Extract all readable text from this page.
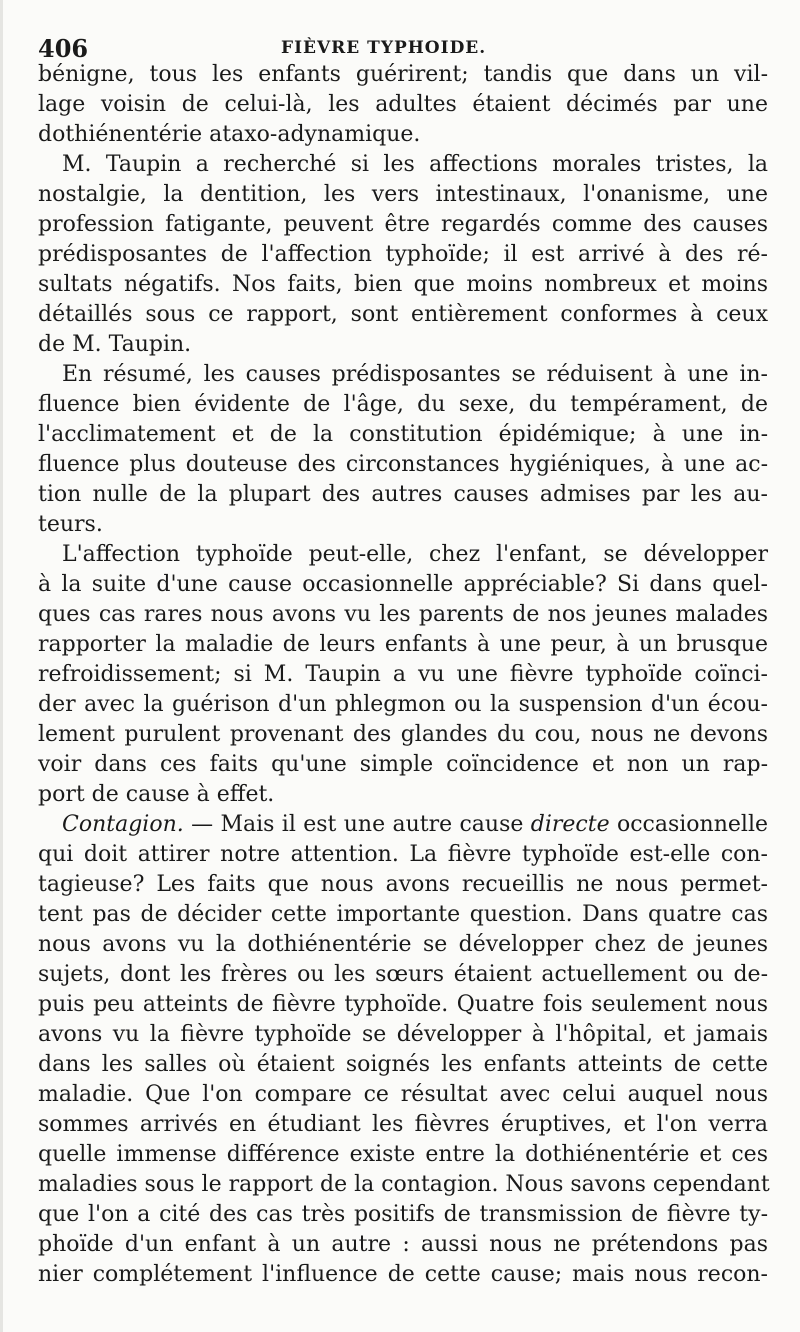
406	FIÈVRE TYPHOIDE.
bénigne, tous les enfants guérirent; tandis que dans un vil-
lage voisin de celui-là, les adultes étaient décimés par une
dothiénentérie ataxo-adynamique.
M. Taupin a recherché si les affections morales tristes, la
nostalgie, la dentition, les vers intestinaux, l'onanisme, une
profession fatigante, peuvent être regardés comme des causes
prédisposantes de l'affection typhoïde; il est arrivé à des ré-
sultats négatifs. Nos faits, bien que moins nombreux et moins
détaillés sous ce rapport, sont entièrement conformes à ceux
de M. Taupin.
En résumé, les causes prédisposantes se réduisent à une in-
fluence bien évidente de l'âge, du sexe, du tempérament, de
l'acclimatement et de la constitution épidémique; à une in-
fluence plus douteuse des circonstances hygiéniques, à une ac-
tion nulle de la plupart des autres causes admises par les au-
teurs.
L'affection typhoïde peut-elle, chez l'enfant, se développer
à la suite d'une cause occasionnelle appréciable? Si dans quel-
ques cas rares nous avons vu les parents de nos jeunes malades
rapporter la maladie de leurs enfants à une peur, à un brusque
refroidissement; si M. Taupin a vu une fièvre typhoïde coïnci-
der avec la guérison d'un phlegmon ou la suspension d'un écou-
lement purulent provenant des glandes du cou, nous ne devons
voir dans ces faits qu'une simple coïncidence et non un rap-
port de cause à effet.
Contagion. — Mais il est une autre cause directe occasionnelle
qui doit attirer notre attention. La fièvre typhoïde est-elle con-
tagieuse? Les faits que nous avons recueillis ne nous permet-
tent pas de décider cette importante question. Dans quatre cas
nous avons vu la dothiénentérie se développer chez de jeunes
sujets, dont les frères ou les sœurs étaient actuellement ou de-
puis peu atteints de fièvre typhoïde. Quatre fois seulement nous
avons vu la fièvre typhoïde se développer à l'hôpital, et jamais
dans les salles où étaient soignés les enfants atteints de cette
maladie. Que l'on compare ce résultat avec celui auquel nous
sommes arrivés en étudiant les fièvres éruptives, et l'on verra
quelle immense différence existe entre la dothiénentérie et ces
maladies sous le rapport de la contagion. Nous savons cependant
que l'on a cité des cas très positifs de transmission de fièvre ty-
phoïde d'un enfant à un autre : aussi nous ne prétendons pas
nier complétement l'influence de cette cause; mais nous recon-
